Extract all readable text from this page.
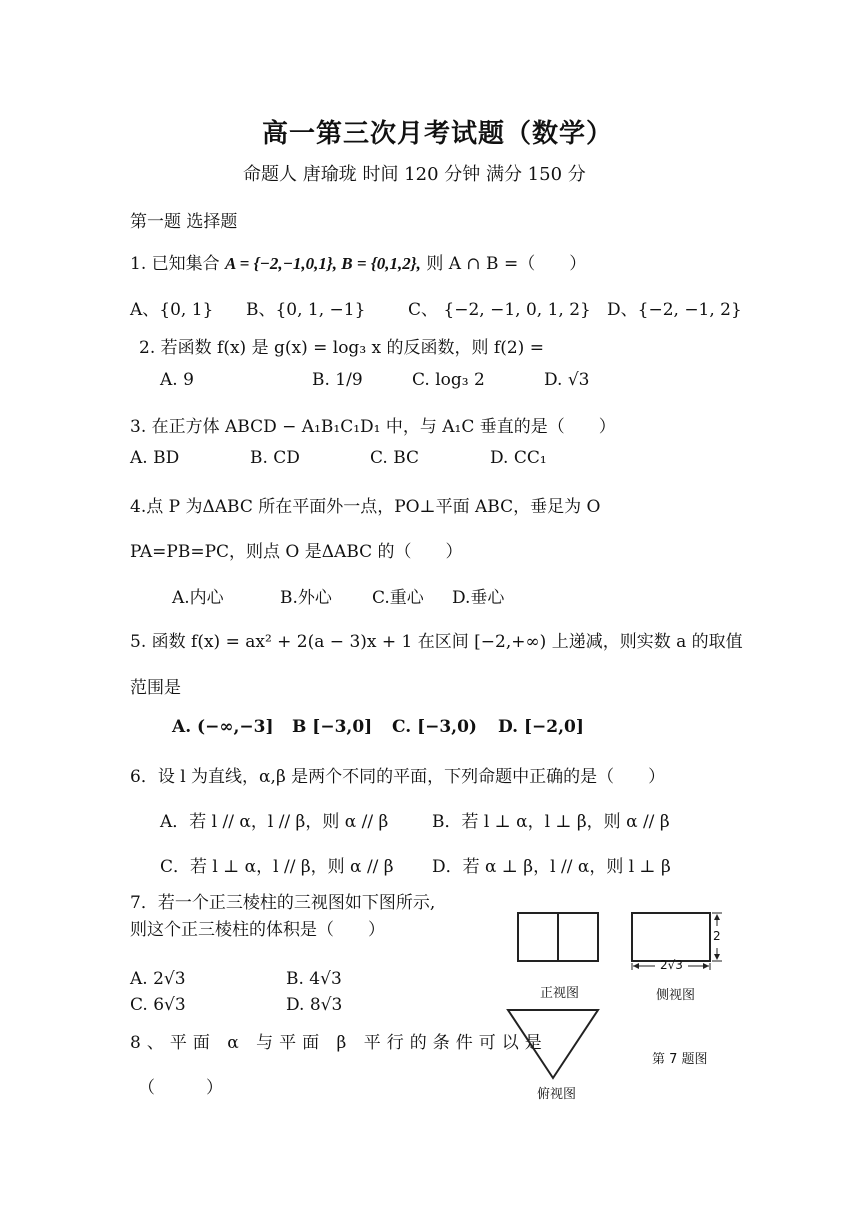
高一第三次月考试题（数学）
命题人 唐瑜珑 时间 120 分钟 满分 150 分
第一题 选择题
1. 已知集合 A = {−2,−1,0,1}, B = {0,1,2}, 则 A ∩ B =（　　）
A、{0, 1} B、{0, 1, −1}	C、 {−2, −1, 0, 1, 2} D、{−2, −1, 2}
2. 若函数 f(x) 是 g(x) = log₃ x 的反函数，则 f(2) =
A. 9	B. 1/9	C. log₃ 2	D. √3
3. 在正方体 ABCD − A₁B₁C₁D₁ 中，与 A₁C 垂直的是（　　）
A. BD	B. CD	C. BC	D. CC₁
4.点 P 为ΔABC 所在平面外一点，PO⊥平面 ABC，垂足为 O
PA=PB=PC，则点 O 是ΔABC 的（　　）
A.内心	B.外心 C.重心 D.垂心
5. 函数 f(x) = ax² + 2(a − 3)x + 1 在区间 [−2,+∞) 上递减，则实数 a 的取值
范围是
A. (−∞,−3] B [−3,0] C. [−3,0) D. [−2,0]
6．设 l 为直线，α,β 是两个不同的平面，下列命题中正确的是（　　）
A．若 l // α，l // β，则 α // β	B．若 l ⊥ α，l ⊥ β，则 α // β
C．若 l ⊥ α，l // β，则 α // β D．若 α ⊥ β，l // α，则 l ⊥ β
7．若一个正三棱柱的三视图如下图所示,
则这个正三棱柱的体积是（　　）
A. 2√3	B. 4√3
C. 6√3	D. 8√3
8、平面 α 与平面 β 平行的条件可以是
（　　　）
正视图	侧视图
俯视图
第 7 题图
2
2√3
